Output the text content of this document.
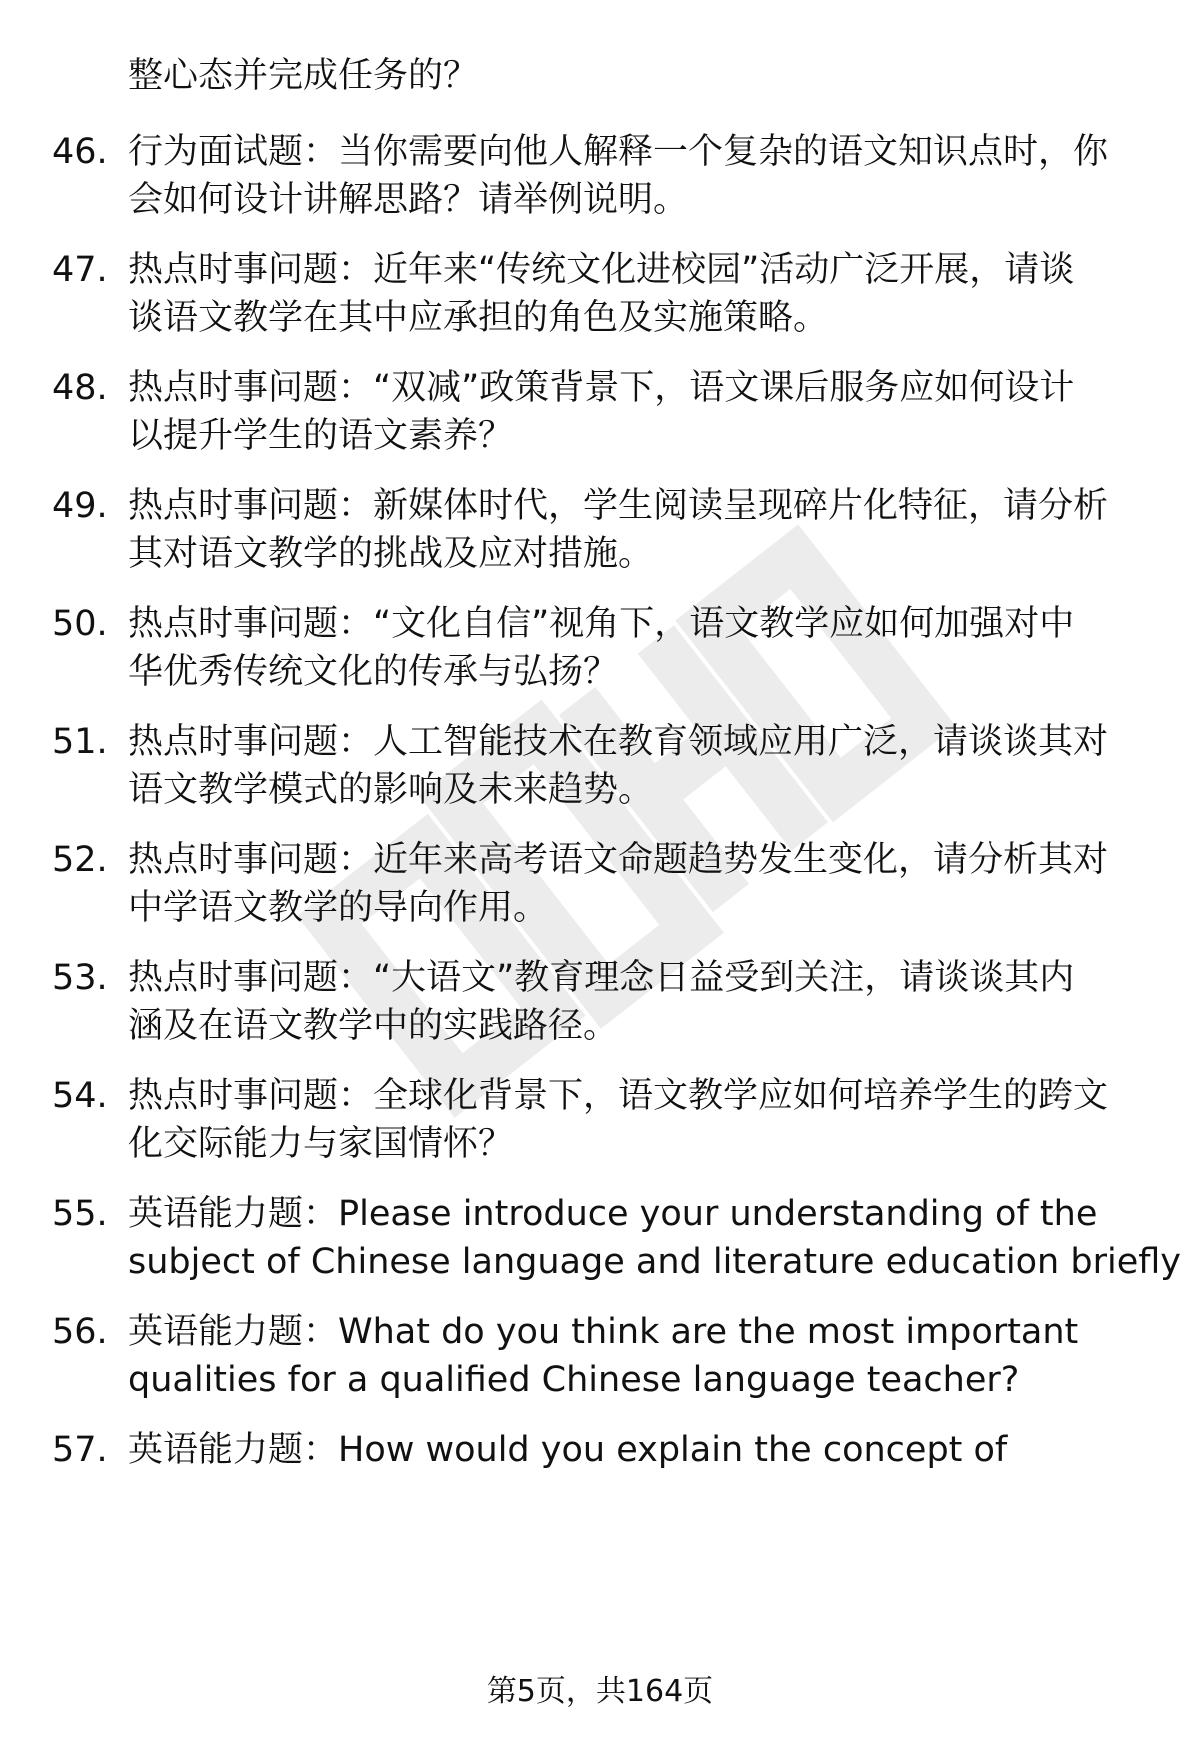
整心态并完成任务的？
46. 行为面试题：当你需要向他人解释一个复杂的语文知识点时，你
会如何设计讲解思路？请举例说明。
47. 热点时事问题：近年来“传统文化进校园”活动广泛开展，请谈
谈语文教学在其中应承担的角色及实施策略。
48. 热点时事问题：“双减”政策背景下，语文课后服务应如何设计
以提升学生的语文素养？
49. 热点时事问题：新媒体时代，学生阅读呈现碎片化特征，请分析
其对语文教学的挑战及应对措施。
50. 热点时事问题：“文化自信”视角下，语文教学应如何加强对中
华优秀传统文化的传承与弘扬？
51. 热点时事问题：人工智能技术在教育领域应用广泛，请谈谈其对
语文教学模式的影响及未来趋势。
52. 热点时事问题：近年来高考语文命题趋势发生变化，请分析其对
中学语文教学的导向作用。
53. 热点时事问题：“大语文”教育理念日益受到关注，请谈谈其内
涵及在语文教学中的实践路径。
54. 热点时事问题：全球化背景下，语文教学应如何培养学生的跨文
化交际能力与家国情怀？
55. 英语能力题：Please introduce your understanding of the
subject of Chinese language and literature education briefly
56. 英语能力题：What do you think are the most important
qualities for a qualified Chinese language teacher?
57. 英语能力题：How would you explain the concept of
第5页，共164页
